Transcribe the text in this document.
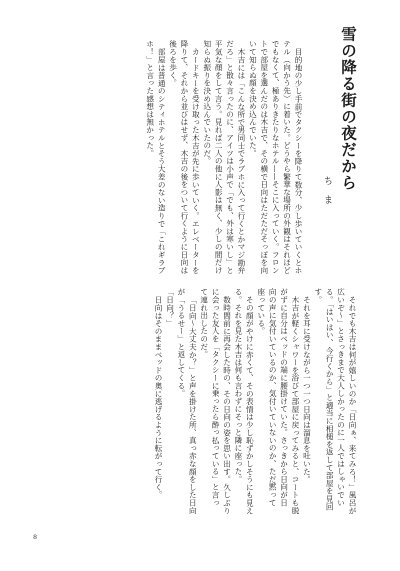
雪の降る街の夜だから
ちま

目的地の少し手前でタクシーを降りて数分、少し歩いていくとホテル（向かう先）に着いた。どうやら繁華な場所の外観はそれほどでもなくて、極ありきたりなホテル——そこに入っていく。フロントで部屋を選んだのは木吉で、その横で日向はただただそっぽを向いて知らぬ顔を決め込んでいた。

木吉には「こんな所で男同士でラブホに入って行くとかマジ勘弁だろ」と散々言ったのに、アイツは小声で「でも、外は寒いし」と平気な顔をして言う。見れば二人の他に人影は無く、少しの間だけ知らぬ振りを決め込んでいたのだ。

カードキーを受け取った木吉が先に歩いていく。エレベーターを降りて、それから並びはせず、木吉の後をついて行くように日向は後ろを歩く。

部屋は普通のシティホテルとそう大差のない造りで「これギラブホ！」と言った感想は無かった。

それでも木吉は何が嬉しいのか「日向ぁ、来てみろ！」風呂が広いぞ～」とさっきまで大人しかったのに一人ではしゃいでいる。「はいはい、今行くから」と適当に相槌を返して部屋を見回す。

それを耳に受けながら一つ一つ日向は溜息を吐いた。

木吉が軽くシャワーを浴びて部屋に戻ってみると、コートも脱がずに自分はベッドの端に腰掛けていた。さっきから日向が日向の声に気付いているのか、気付いていないのか、ただ黙って座っている。

その顔がやけに赤くて、その表情は少し恥ずかしそうにも見える。それを見た木吉は何も言わずにそっと隣に座った。

数時間前に再会した時の、その日向の姿を思い出す。久しぶりに会った友人を「タクシーに乗ったら酔っ払っている」と言って連れ出したのだ。

「日向～大丈夫か？」と声を掛けた所、真っ赤な顔をした日向が「うるせー」と返してくる。

「日向？」

日向はそのままベッドの奥に逃げるように転がって行く。

8
